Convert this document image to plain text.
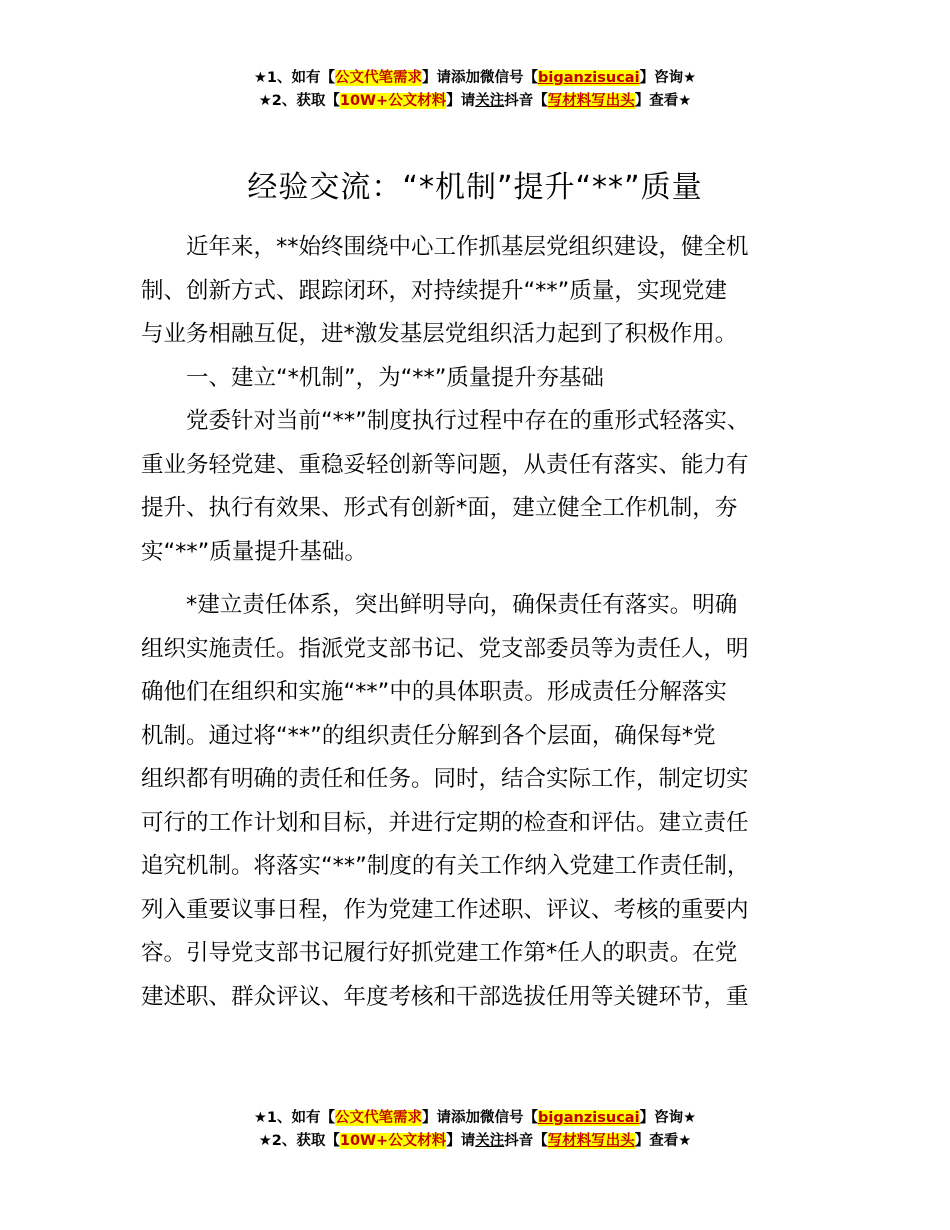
★1、如有【公文代笔需求】请添加微信号【biganzisucai】咨询★
★2、获取【10W+公文材料】请关注抖音【写材料写出头】查看★
经验交流：“*机制”提升“**”质量
　　近年来，**始终围绕中心工作抓基层党组织建设，健全机
制、创新方式、跟踪闭环，对持续提升“**”质量，实现党建
与业务相融互促，进*激发基层党组织活力起到了积极作用。
　　一、建立“*机制”，为“**”质量提升夯基础
　　党委针对当前“**”制度执行过程中存在的重形式轻落实、
重业务轻党建、重稳妥轻创新等问题，从责任有落实、能力有
提升、执行有效果、形式有创新*面，建立健全工作机制，夯
实“**”质量提升基础。
　　*建立责任体系，突出鲜明导向，确保责任有落实。明确
组织实施责任。指派党支部书记、党支部委员等为责任人，明
确他们在组织和实施“**”中的具体职责。形成责任分解落实
机制。通过将“**”的组织责任分解到各个层面，确保每*党
组织都有明确的责任和任务。同时，结合实际工作，制定切实
可行的工作计划和目标，并进行定期的检查和评估。建立责任
追究机制。将落实“**”制度的有关工作纳入党建工作责任制，
列入重要议事日程，作为党建工作述职、评议、考核的重要内
容。引导党支部书记履行好抓党建工作第*任人的职责。在党
建述职、群众评议、年度考核和干部选拔任用等关键环节，重
★1、如有【公文代笔需求】请添加微信号【biganzisucai】咨询★
★2、获取【10W+公文材料】请关注抖音【写材料写出头】查看★
